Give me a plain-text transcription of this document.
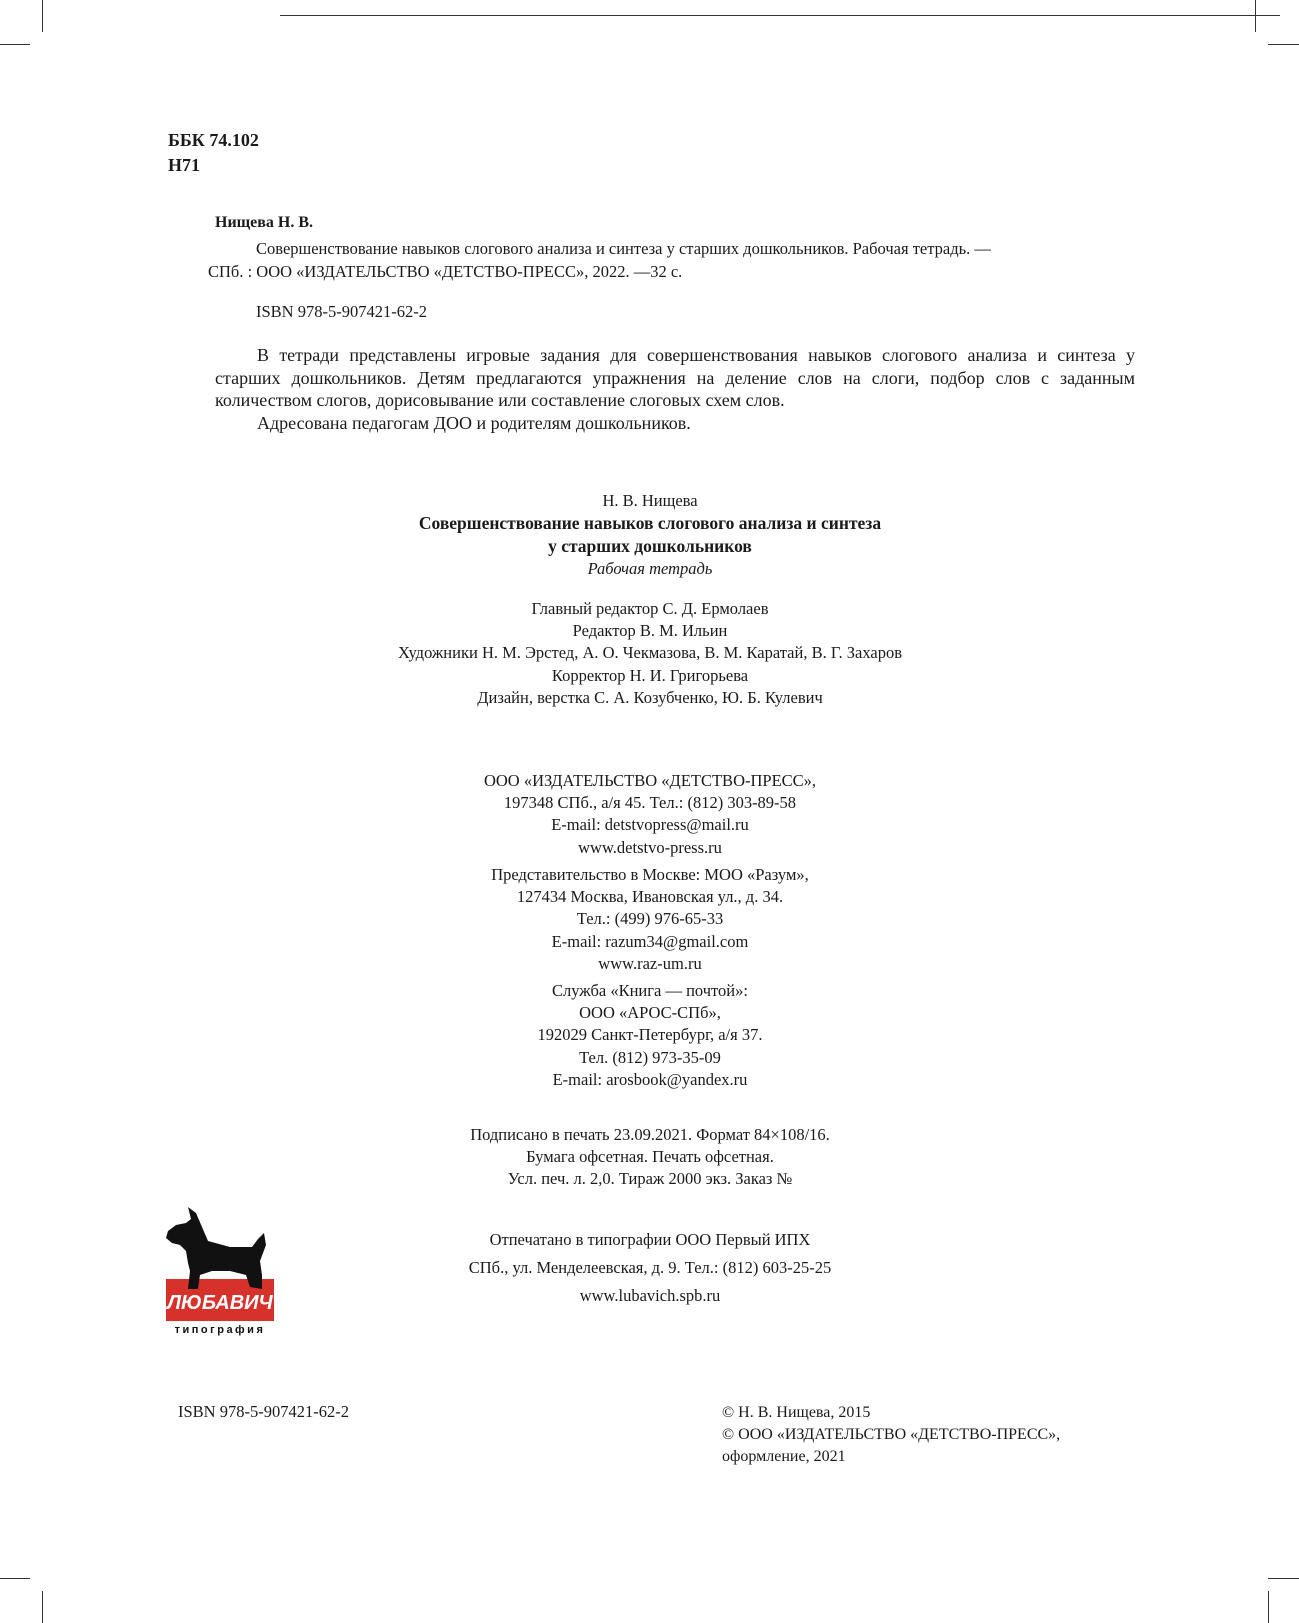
ББК 74.102
Н71
Нищева Н. В.
Совершенствование навыков слогового анализа и синтеза у старших дошкольников. Рабочая тетрадь. —
СПб. : ООО «ИЗДАТЕЛЬСТВО «ДЕТСТВО-ПРЕСС», 2022. —32 с.
ISBN 978-5-907421-62-2

В тетради представлены игровые задания для совершенствования навыков слогового анализа и синтеза у старших дошкольников. Детям предлагаются упражнения на деление слов на слоги, подбор слов с заданным количеством слогов, дорисовывание или составление слоговых схем слов.

Адресована педагогам ДОО и родителям дошкольников.

Н. В. Нищева
Совершенствование навыков слогового анализа и синтеза
у старших дошкольников
Рабочая тетрадь
Главный редактор С. Д. Ермолаев
Редактор В. М. Ильин
Художники Н. М. Эрстед, А. О. Чекмазова, В. М. Каратай, В. Г. Захаров
Корректор Н. И. Григорьева
Дизайн, верстка С. А. Козубченко, Ю. Б. Кулевич
ООО «ИЗДАТЕЛЬСТВО «ДЕТСТВО-ПРЕСС»,
197348 СПб., а/я 45. Тел.: (812) 303-89-58
E-mail: detstvopress@mail.ru
www.detstvo-press.ru
Представительство в Москве: МОО «Разум»,
127434 Москва, Ивановская ул., д. 34.
Тел.: (499) 976-65-33
E-mail: razum34@gmail.com
www.raz-um.ru
Служба «Книга — почтой»:
ООО «АРОС-СПб»,
192029 Санкт-Петербург, а/я 37.
Тел. (812) 973-35-09
E-mail: arosbook@yandex.ru
Подписано в печать 23.09.2021. Формат 84×108/16.
Бумага офсетная. Печать офсетная.
Усл. печ. л. 2,0. Тираж 2000 экз. Заказ №
Отпечатано в типографии ООО Первый ИПХ
СПб., ул. Менделеевская, д. 9. Тел.: (812) 603-25-25
www.lubavich.spb.ru
ЛЮБАВИЧ
типография
ISBN 978-5-907421-62-2	© Н. В. Нищева, 2015
© ООО «ИЗДАТЕЛЬСТВО «ДЕТСТВО-ПРЕСС»,
оформление, 2021
